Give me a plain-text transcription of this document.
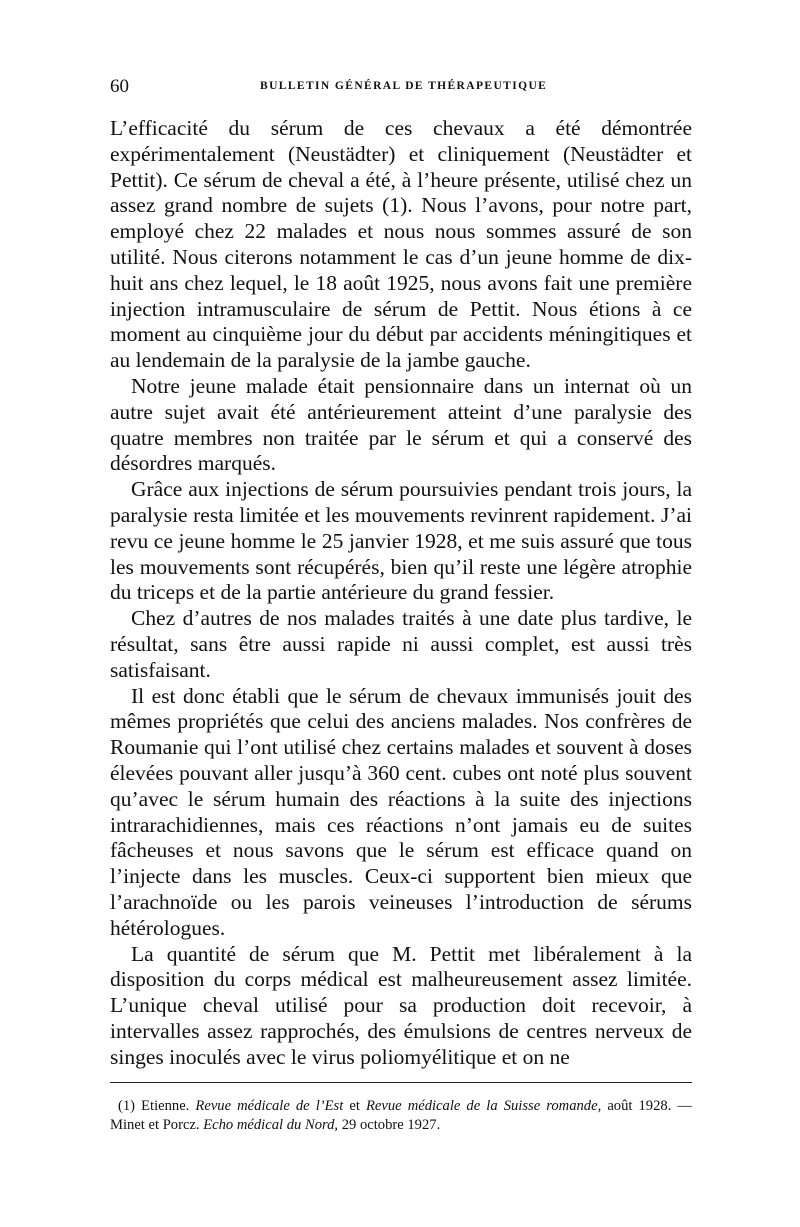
60	BULLETIN GÉNÉRAL DE THÉRAPEUTIQUE

L’efficacité du sérum de ces chevaux a été démontrée expérimentalement (Neustädter) et cliniquement (Neustädter et Pettit). Ce sérum de cheval a été, à l’heure présente, utilisé chez un assez grand nombre de sujets (1). Nous l’avons, pour notre part, employé chez 22 malades et nous nous sommes assuré de son utilité. Nous citerons notamment le cas d’un jeune homme de dix-huit ans chez lequel, le 18 août 1925, nous avons fait une première injection intramusculaire de sérum de Pettit. Nous étions à ce moment au cinquième jour du début par accidents méningitiques et au lendemain de la paralysie de la jambe gauche.

Notre jeune malade était pensionnaire dans un internat où un autre sujet avait été antérieurement atteint d’une paralysie des quatre membres non traitée par le sérum et qui a conservé des désordres marqués.

Grâce aux injections de sérum poursuivies pendant trois jours, la paralysie resta limitée et les mouvements revinrent rapidement. J’ai revu ce jeune homme le 25 janvier 1928, et me suis assuré que tous les mouvements sont récupérés, bien qu’il reste une légère atrophie du triceps et de la partie antérieure du grand fessier.

Chez d’autres de nos malades traités à une date plus tardive, le résultat, sans être aussi rapide ni aussi complet, est aussi très satisfaisant.

Il est donc établi que le sérum de chevaux immunisés jouit des mêmes propriétés que celui des anciens malades. Nos confrères de Roumanie qui l’ont utilisé chez certains malades et souvent à doses élevées pouvant aller jusqu’à 360 cent. cubes ont noté plus souvent qu’avec le sérum humain des réactions à la suite des injections intrarachidiennes, mais ces réactions n’ont jamais eu de suites fâcheuses et nous savons que le sérum est efficace quand on l’injecte dans les muscles. Ceux-ci supportent bien mieux que l’arachnoïde ou les parois veineuses l’introduction de sérums hétérologues.

La quantité de sérum que M. Pettit met libéralement à la disposition du corps médical est malheureusement assez limitée. L’unique cheval utilisé pour sa production doit recevoir, à intervalles assez rapprochés, des émulsions de centres nerveux de singes inoculés avec le virus poliomyélitique et on ne

(1) Etienne. Revue médicale de l’Est et Revue médicale de la Suisse romande, août 1928. — Minet et Porcz. Echo médical du Nord, 29 octobre 1927.
